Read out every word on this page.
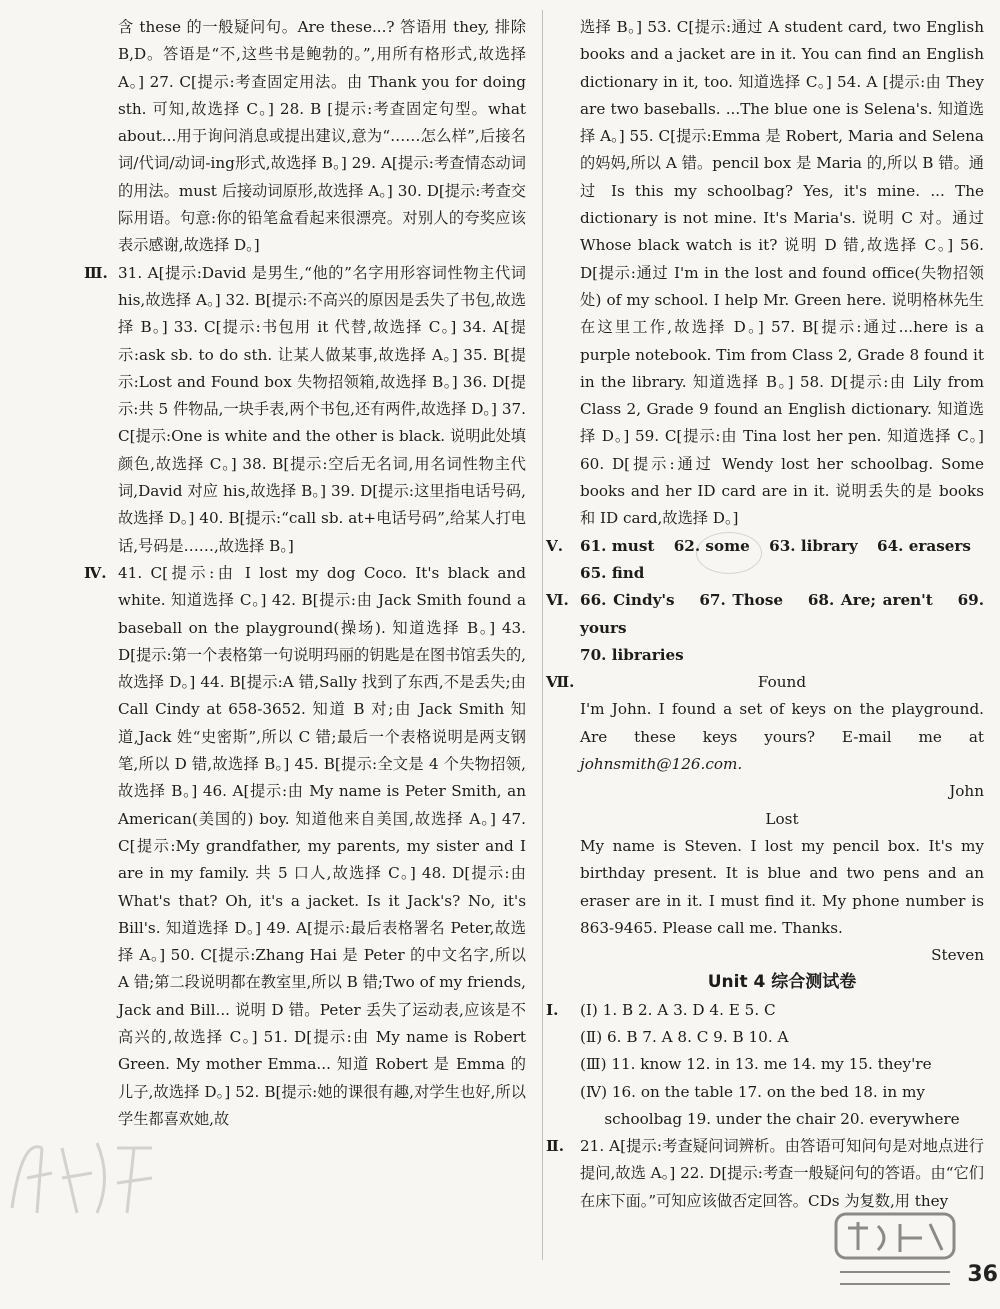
含 these 的一般疑问句。Are these...? 答语用 they, 排除 B,D。答语是“不,这些书是鲍勃的。”,用所有格形式,故选择 A。] 27. C[提示:考查固定用法。由 Thank you for doing sth. 可知,故选择 C。] 28. B [提示:考查固定句型。what about...用于询问消息或提出建议,意为“……怎么样”,后接名词/代词/动词-ing形式,故选择 B。] 29. A[提示:考查情态动词的用法。must 后接动词原形,故选择 A。] 30. D[提示:考查交际用语。句意:你的铅笔盒看起来很漂亮。对别人的夸奖应该表示感谢,故选择 D。]

Ⅲ. 31. A[提示:David 是男生,“他的”名字用形容词性物主代词 his,故选择 A。] 32. B[提示:不高兴的原因是丢失了书包,故选择 B。] 33. C[提示:书包用 it 代替,故选择 C。] 34. A[提示:ask sb. to do sth. 让某人做某事,故选择 A。] 35. B[提示:Lost and Found box 失物招领箱,故选择 B。] 36. D[提示:共 5 件物品,一块手表,两个书包,还有两件,故选择 D。] 37. C[提示:One is white and the other is black. 说明此处填颜色,故选择 C。] 38. B[提示:空后无名词,用名词性物主代词,David 对应 his,故选择 B。] 39. D[提示:这里指电话号码,故选择 D。] 40. B[提示:“call sb. at+电话号码”,给某人打电话,号码是……,故选择 B。]

Ⅳ. 41. C[提示:由 I lost my dog Coco. It's black and white. 知道选择 C。] 42. B[提示:由 Jack Smith found a baseball on the playground(操场). 知道选择 B。] 43. D[提示:第一个表格第一句说明玛丽的钥匙是在图书馆丢失的,故选择 D。] 44. B[提示:A 错,Sally 找到了东西,不是丢失;由 Call Cindy at 658-3652. 知道 B 对;由 Jack Smith 知道,Jack 姓“史密斯”,所以 C 错;最后一个表格说明是两支钢笔,所以 D 错,故选择 B。] 45. B[提示:全文是 4 个失物招领,故选择 B。] 46. A[提示:由 My name is Peter Smith, an American(美国的) boy. 知道他来自美国,故选择 A。] 47. C[提示:My grandfather, my parents, my sister and I are in my family. 共 5 口人,故选择 C。] 48. D[提示:由 What's that? Oh, it's a jacket. Is it Jack's? No, it's Bill's. 知道选择 D。] 49. A[提示:最后表格署名 Peter,故选择 A。] 50. C[提示:Zhang Hai 是 Peter 的中文名字,所以 A 错;第二段说明都在教室里,所以 B 错;Two of my friends, Jack and Bill... 说明 D 错。Peter 丢失了运动表,应该是不高兴的,故选择 C。] 51. D[提示:由 My name is Robert Green. My mother Emma... 知道 Robert 是 Emma 的儿子,故选择 D。] 52. B[提示:她的课很有趣,对学生也好,所以学生都喜欢她,故

选择 B。] 53. C[提示:通过 A student card, two English books and a jacket are in it. You can find an English dictionary in it, too. 知道选择 C。] 54. A [提示:由 They are two baseballs. ...The blue one is Selena's. 知道选择 A。] 55. C[提示:Emma 是 Robert, Maria and Selena 的妈妈,所以 A 错。pencil box 是 Maria 的,所以 B 错。通过 Is this my schoolbag? Yes, it's mine. ... The dictionary is not mine. It's Maria's. 说明 C 对。通过 Whose black watch is it? 说明 D 错,故选择 C。] 56. D[提示:通过 I'm in the lost and found office(失物招领处) of my school. I help Mr. Green here. 说明格林先生在这里工作,故选择 D。] 57. B[提示:通过...here is a purple notebook. Tim from Class 2, Grade 8 found it in the library. 知道选择 B。] 58. D[提示:由 Lily from Class 2, Grade 9 found an English dictionary. 知道选择 D。] 59. C[提示:由 Tina lost her pen. 知道选择 C。] 60. D[提示:通过 Wendy lost her schoolbag. Some books and her ID card are in it. 说明丢失的是 books 和 ID card,故选择 D。]

Ⅴ. 61. must 62. some 63. library 64. erasers
65. find

Ⅵ. 66. Cindy's 67. Those 68. Are; aren't 69. yours
70. libraries

Ⅶ.	Found

I'm John. I found a set of keys on the playground. Are these keys yours? E-mail me at johnsmith@126.com.

John

Lost

My name is Steven. I lost my pencil box. It's my birthday present. It is blue and two pens and an eraser are in it. I must find it. My phone number is 863-9465. Please call me. Thanks.

Steven

Unit 4 综合测试卷

Ⅰ. (Ⅰ) 1. B 2. A 3. D 4. E 5. C

(Ⅱ) 6. B 7. A 8. C 9. B 10. A

(Ⅲ) 11. know 12. in 13. me 14. my 15. they're

(Ⅳ) 16. on the table 17. on the bed 18. in my

schoolbag 19. under the chair 20. everywhere

Ⅱ. 21. A[提示:考查疑问词辨析。由答语可知问句是对地点进行提问,故选 A。] 22. D[提示:考查一般疑问句的答语。由“它们在床下面。”可知应该做否定回答。CDs 为复数,用 they

36
